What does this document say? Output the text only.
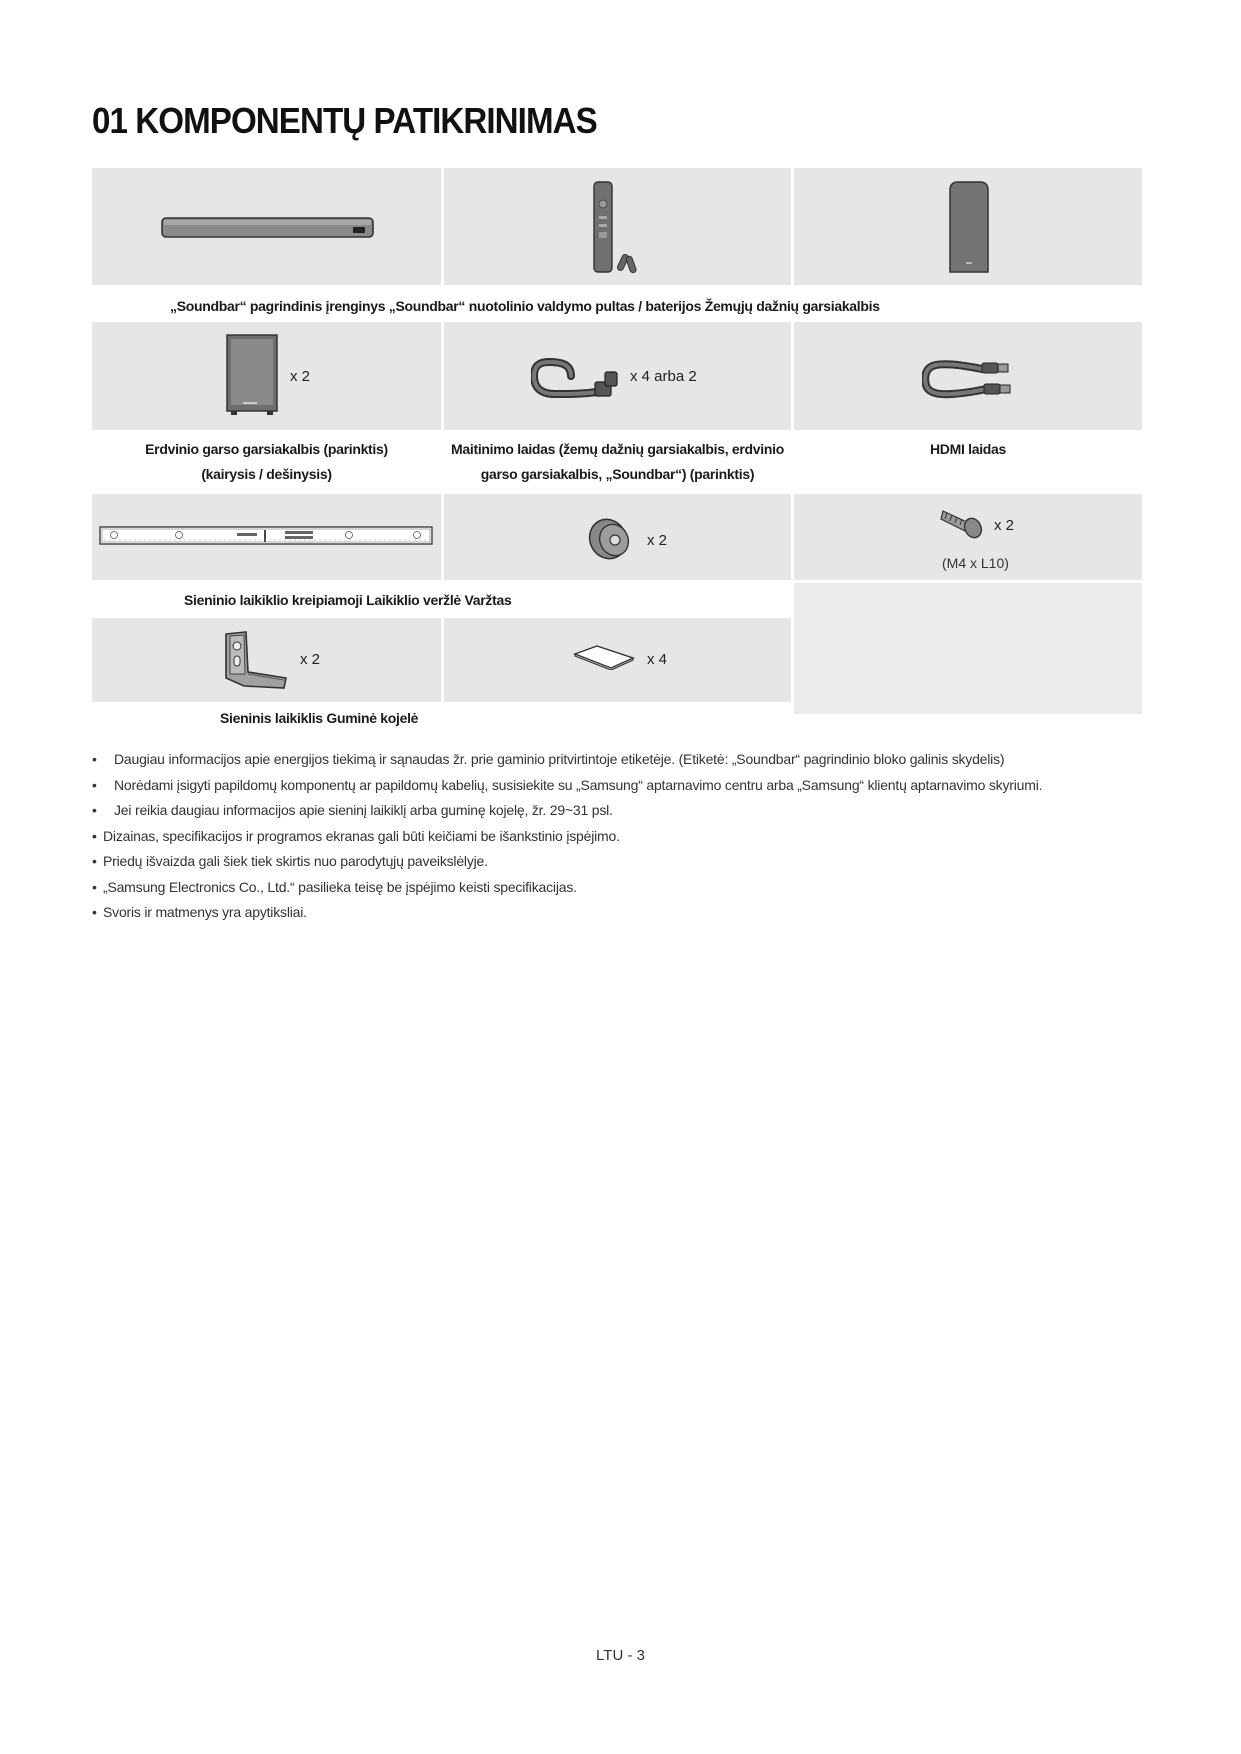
01 KOMPONENTŲ PATIKRINIMAS
„Soundbar“ pagrindinis įrenginys „Soundbar“ nuotolinio valdymo pultas / baterijos Žemųjų dažnių garsiakalbis
x 2	x 4 arba 2
Erdvinio garso garsiakalbis (parinktis)
(kairysis / dešinysis)
Maitinimo laidas (žemų dažnių garsiakalbis, erdvinio
garso garsiakalbis, „Soundbar“) (parinktis)
HDMI laidas
x 2
x 2
(M4 x L10)
Sieninio laikiklio kreipiamoji Laikiklio veržlė Varžtas
x 2	x 4
Sieninis laikiklis Guminė kojelė
• Daugiau informacijos apie energijos tiekimą ir sąnaudas žr. prie gaminio pritvirtintoje etiketėje. (Etiketė: „Soundbar“ pagrindinio bloko galinis skydelis)
• Norėdami įsigyti papildomų komponentų ar papildomų kabelių, susisiekite su „Samsung“ aptarnavimo centru arba „Samsung“ klientų aptarnavimo skyriumi.
• Jei reikia daugiau informacijos apie sieninį laikiklį arba guminę kojelę, žr. 29~31 psl.
• Dizainas, specifikacijos ir programos ekranas gali būti keičiami be išankstinio įspėjimo.
• Priedų išvaizda gali šiek tiek skirtis nuo parodytųjų paveikslėlyje.
• „Samsung Electronics Co., Ltd.“ pasilieka teisę be įspėjimo keisti specifikacijas.
• Svoris ir matmenys yra apytiksliai.
LTU - 3
